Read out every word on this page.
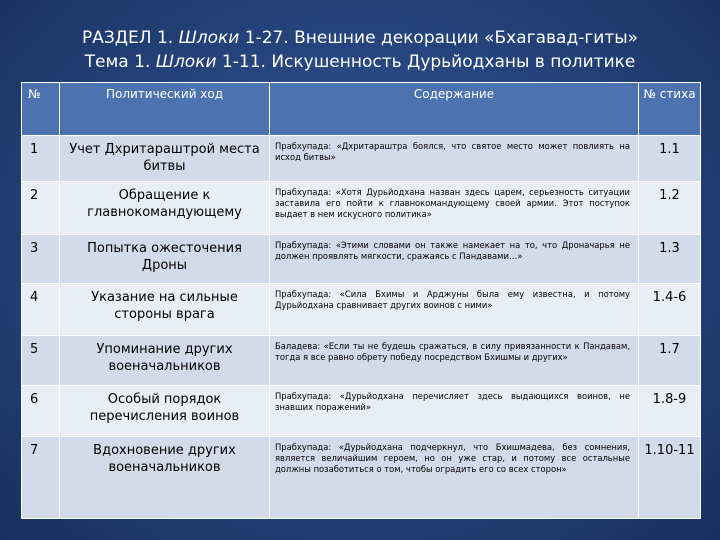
РАЗДЕЛ 1. Шлоки 1-27. Внешние декорации «Бхагавад-гиты»
Тема 1. Шлоки 1-11. Искушенность Дурьйодханы в политике
№	Политический ход	Содержание	№ стиха
1	Учет Дхритараштрой места битвы	Прабхупада: «Дхритараштра боялся, что святое место может повлиять на исход битвы»	1.1
2	Обращение к главнокомандующему	Прабхупада: «Хотя Дурьйодхана назван здесь царем, серьезность ситуации заставила его пойти к главнокомандующему своей армии. Этот поступок выдает в нем искусного политика»	1.2
3	Попытка ожесточения Дроны	Прабхупада: «Этими словами он также намекает на то, что Дроначарья не должен проявлять мягкости, сражаясь с Пандавами…»	1.3
4	Указание на сильные стороны врага	Прабхупада: «Сила Бхимы и Арджуны была ему известна, и потому Дурьйодхана сравнивает других воинов с ними»	1.4-6
5	Упоминание других военачальников	Баладева: «Если ты не будешь сражаться, в силу привязанности к Пандавам, тогда я все равно обрету победу посредством Бхишмы и других»	1.7
6	Особый порядок перечисления воинов	Прабхупада: «Дурьйодхана перечисляет здесь выдающихся воинов, не знавших поражений»	1.8-9
7	Вдохновение других военачальников	Прабхупада: «Дурьйодхана подчеркнул, что Бхишмадева, без сомнения, является величайшим героем, но он уже стар, и потому все остальные должны позаботиться о том, чтобы оградить его со всех сторон»	1.10-11
